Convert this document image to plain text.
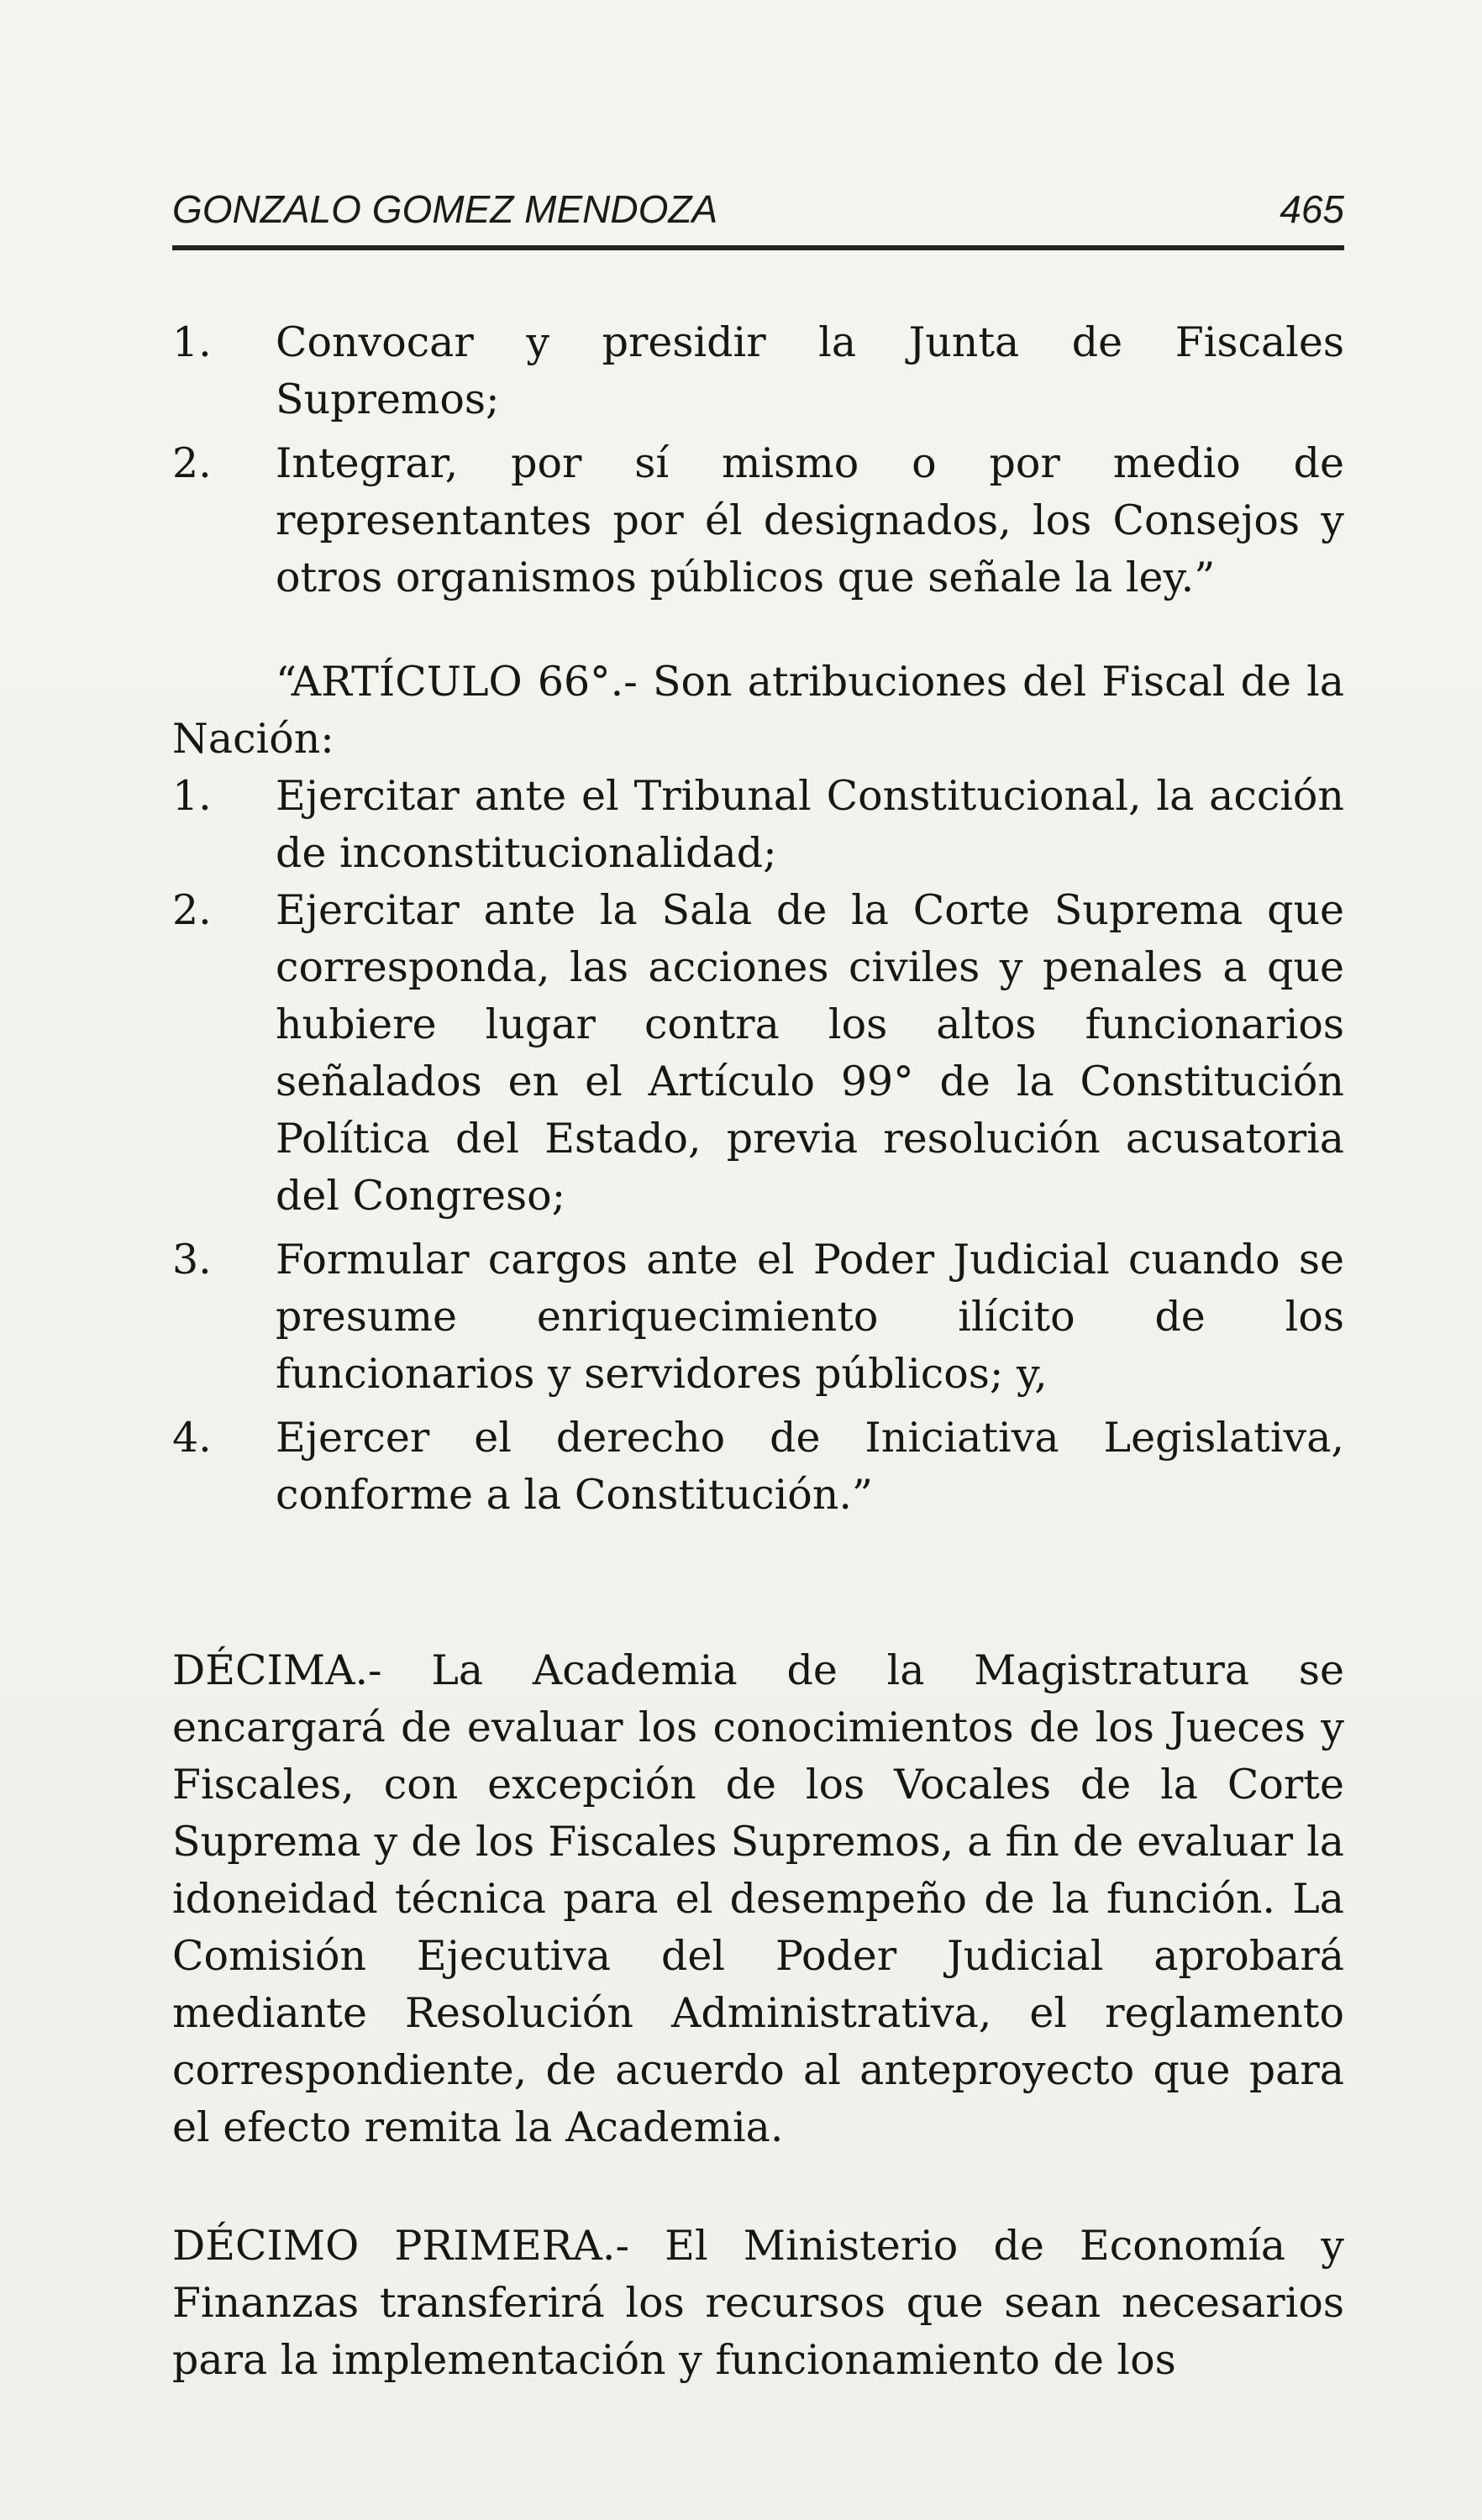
GONZALO GOMEZ MENDOZA	465
1. Convocar y presidir la Junta de Fiscales Supremos;
2. Integrar, por sí mismo o por medio de representantes por él designados, los Consejos y otros organismos públicos que señale la ley.”
“ARTÍCULO 66°.- Son atribuciones del Fiscal de la Nación:
1. Ejercitar ante el Tribunal Constitucional, la acción de inconstitucionalidad;
2. Ejercitar ante la Sala de la Corte Suprema que corresponda, las acciones civiles y penales a que hubiere lugar contra los altos funcionarios señalados en el Artículo 99° de la Constitución Política del Estado, previa resolución acusatoria del Congreso;
3. Formular cargos ante el Poder Judicial cuando se presume enriquecimiento ilícito de los funcionarios y servidores públicos; y,
4. Ejercer el derecho de Iniciativa Legislativa, conforme a la Constitución.”
DÉCIMA.- La Academia de la Magistratura se encargará de evaluar los conocimientos de los Jueces y Fiscales, con excepción de los Vocales de la Corte Suprema y de los Fiscales Supremos, a fin de evaluar la idoneidad técnica para el desempeño de la función. La Comisión Ejecutiva del Poder Judicial aprobará mediante Resolución Administrativa, el reglamento correspondiente, de acuerdo al anteproyecto que para el efecto remita la Academia.
DÉCIMO PRIMERA.- El Ministerio de Economía y Finanzas transferirá los recursos que sean necesarios para la implementación y funcionamiento de los
